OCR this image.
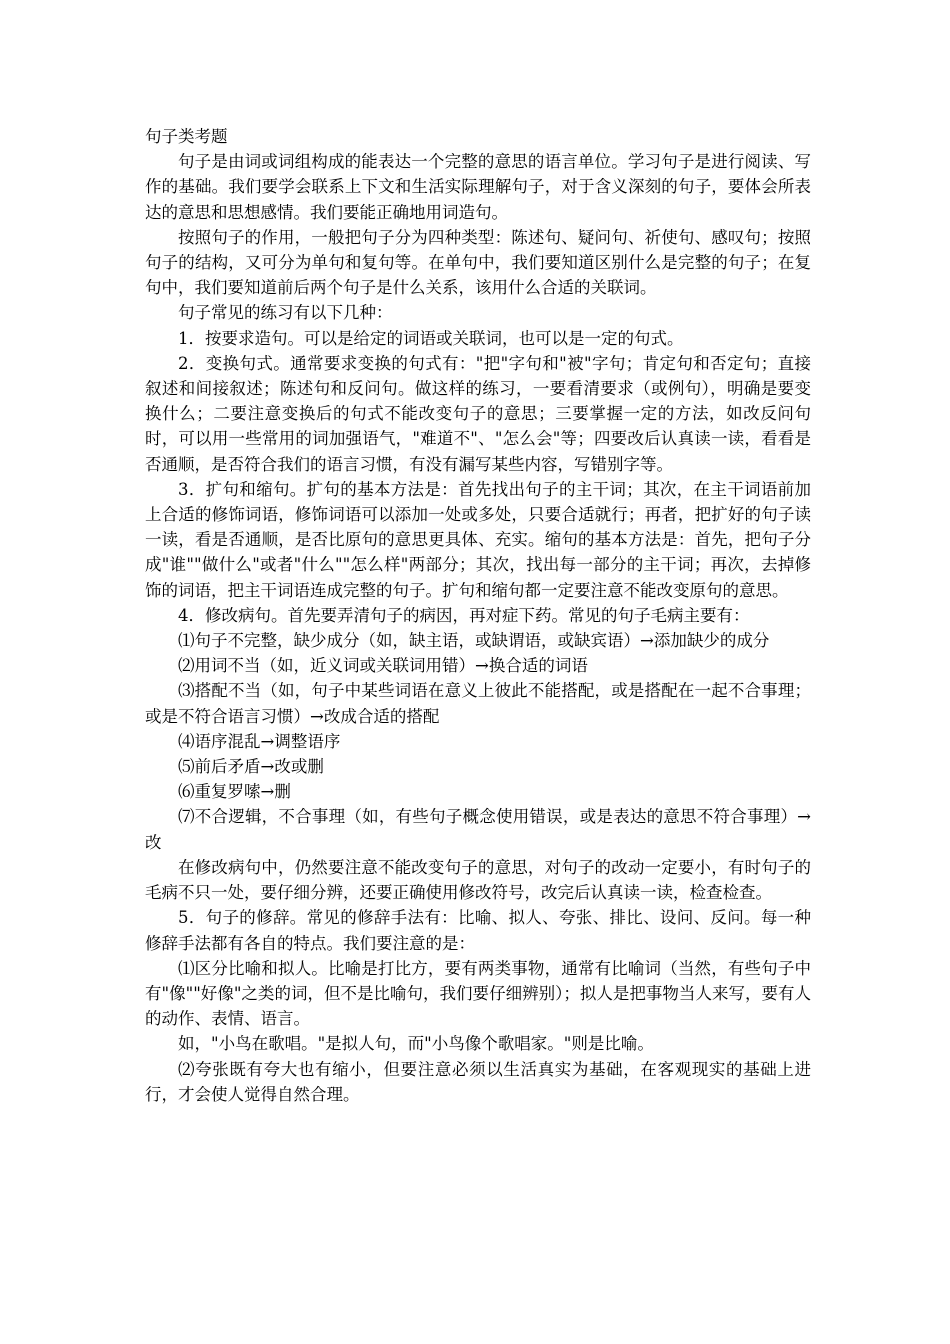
句子类考题

句子是由词或词组构成的能表达一个完整的意思的语言单位。学习句子是进行阅读、写作的基础。我们要学会联系上下文和生活实际理解句子，对于含义深刻的句子，要体会所表达的意思和思想感情。我们要能正确地用词造句。

按照句子的作用，一般把句子分为四种类型：陈述句、疑问句、祈使句、感叹句；按照句子的结构，又可分为单句和复句等。在单句中，我们要知道区别什么是完整的句子；在复句中，我们要知道前后两个句子是什么关系，该用什么合适的关联词。

句子常见的练习有以下几种：

1．按要求造句。可以是给定的词语或关联词，也可以是一定的句式。

2．变换句式。通常要求变换的句式有："把"字句和"被"字句；肯定句和否定句；直接叙述和间接叙述；陈述句和反问句。做这样的练习，一要看清要求（或例句），明确是要变换什么；二要注意变换后的句式不能改变句子的意思；三要掌握一定的方法，如改反问句时，可以用一些常用的词加强语气，"难道不"、"怎么会"等；四要改后认真读一读，看看是否通顺，是否符合我们的语言习惯，有没有漏写某些内容，写错别字等。

3．扩句和缩句。扩句的基本方法是：首先找出句子的主干词；其次，在主干词语前加上合适的修饰词语，修饰词语可以添加一处或多处，只要合适就行；再者，把扩好的句子读一读，看是否通顺，是否比原句的意思更具体、充实。缩句的基本方法是：首先，把句子分成"谁""做什么"或者"什么""怎么样"两部分；其次，找出每一部分的主干词；再次，去掉修饰的词语，把主干词语连成完整的句子。扩句和缩句都一定要注意不能改变原句的意思。

4．修改病句。首先要弄清句子的病因，再对症下药。常见的句子毛病主要有：

⑴句子不完整，缺少成分（如，缺主语，或缺谓语，或缺宾语）→添加缺少的成分

⑵用词不当（如，近义词或关联词用错）→换合适的词语

⑶搭配不当（如，句子中某些词语在意义上彼此不能搭配，或是搭配在一起不合事理；或是不符合语言习惯）→改成合适的搭配

⑷语序混乱→调整语序

⑸前后矛盾→改或删

⑹重复罗嗦→删

⑺不合逻辑，不合事理（如，有些句子概念使用错误，或是表达的意思不符合事理）→改

在修改病句中，仍然要注意不能改变句子的意思，对句子的改动一定要小，有时句子的毛病不只一处，要仔细分辨，还要正确使用修改符号，改完后认真读一读，检查检查。

5．句子的修辞。常见的修辞手法有：比喻、拟人、夸张、排比、设问、反问。每一种修辞手法都有各自的特点。我们要注意的是：

⑴区分比喻和拟人。比喻是打比方，要有两类事物，通常有比喻词（当然，有些句子中有"像""好像"之类的词，但不是比喻句，我们要仔细辨别）；拟人是把事物当人来写，要有人的动作、表情、语言。

如，"小鸟在歌唱。"是拟人句，而"小鸟像个歌唱家。"则是比喻。

⑵夸张既有夸大也有缩小，但要注意必须以生活真实为基础，在客观现实的基础上进行，才会使人觉得自然合理。
